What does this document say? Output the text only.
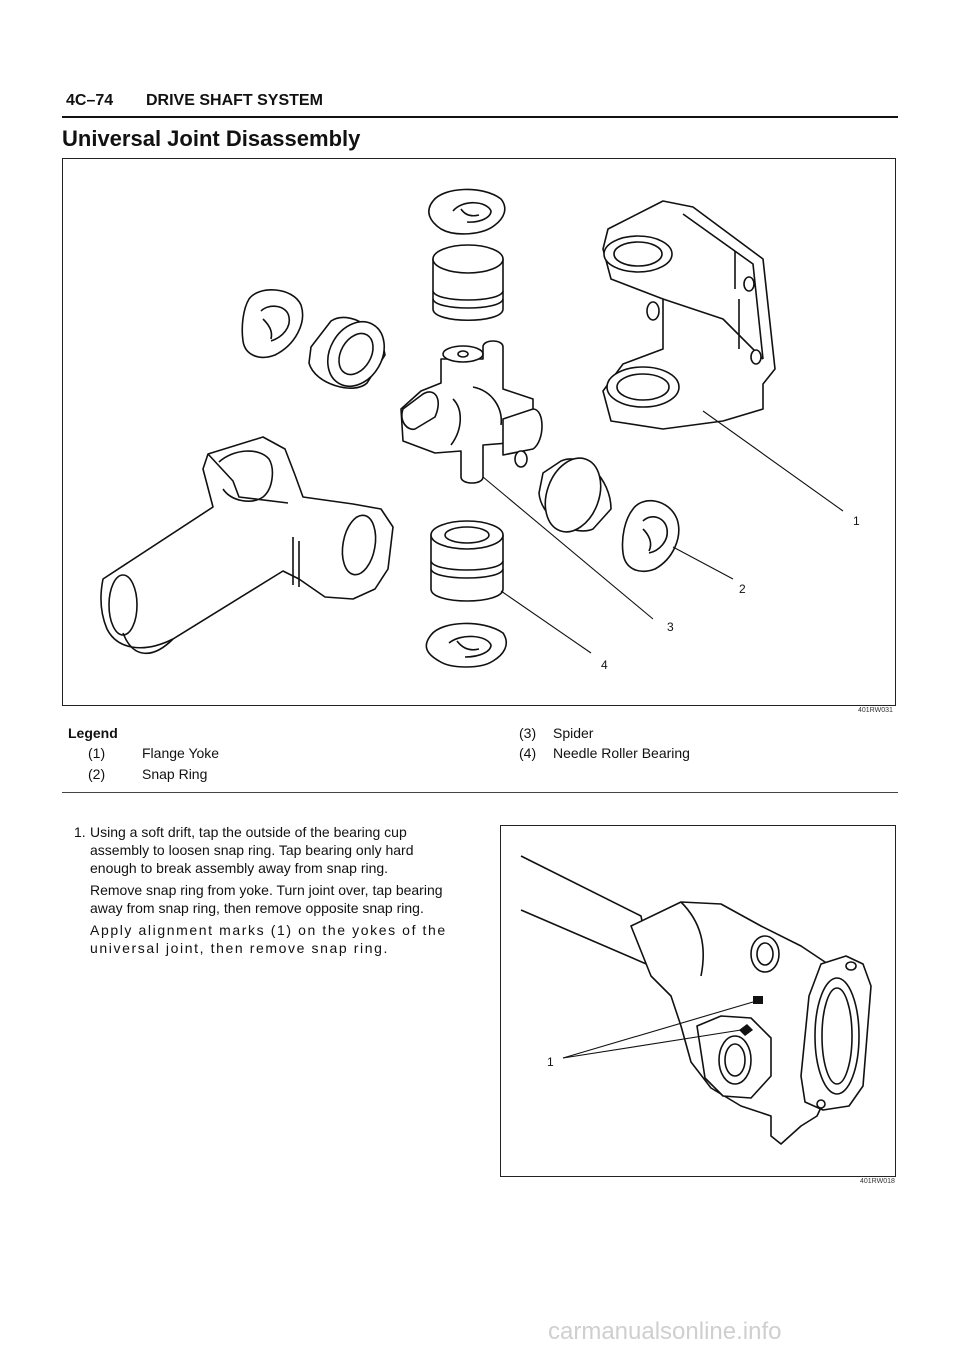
4C–74 DRIVE SHAFT SYSTEM
Universal Joint Disassembly
1
2
3
4
401RW031
Legend
(1)	Flange Yoke
(2)	Snap Ring
(3) Spider
(4) Needle Roller Bearing

1. Using a soft drift, tap the outside of the bearing cup assembly to loosen snap ring. Tap bearing only hard enough to break assembly away from snap ring.

Remove snap ring from yoke. Turn joint over, tap bearing away from snap ring, then remove opposite snap ring.

Apply alignment marks (1) on the yokes of the universal joint, then remove snap ring.

1
401RW018
carmanualsonline.info
